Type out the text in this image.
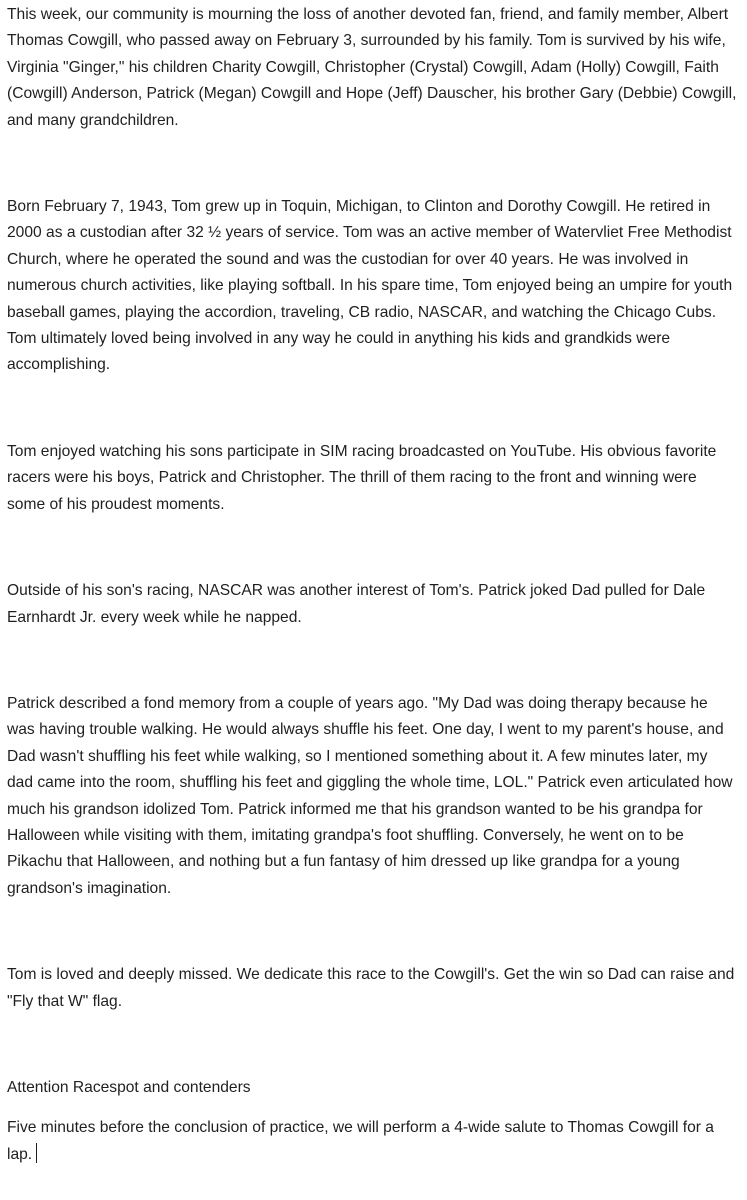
This week, our community is mourning the loss of another devoted fan, friend, and family member, Albert Thomas Cowgill, who passed away on February 3, surrounded by his family. Tom is survived by his wife, Virginia "Ginger," his children Charity Cowgill, Christopher (Crystal) Cowgill, Adam (Holly) Cowgill, Faith (Cowgill) Anderson, Patrick (Megan) Cowgill and Hope (Jeff) Dauscher, his brother Gary (Debbie) Cowgill, and many grandchildren.

Born February 7, 1943, Tom grew up in Toquin, Michigan, to Clinton and Dorothy Cowgill. He retired in 2000 as a custodian after 32 ½ years of service. Tom was an active member of Watervliet Free Methodist Church, where he operated the sound and was the custodian for over 40 years. He was involved in numerous church activities, like playing softball. In his spare time, Tom enjoyed being an umpire for youth baseball games, playing the accordion, traveling, CB radio, NASCAR, and watching the Chicago Cubs. Tom ultimately loved being involved in any way he could in anything his kids and grandkids were accomplishing.

Tom enjoyed watching his sons participate in SIM racing broadcasted on YouTube. His obvious favorite racers were his boys, Patrick and Christopher. The thrill of them racing to the front and winning were some of his proudest moments.

Outside of his son's racing, NASCAR was another interest of Tom's. Patrick joked Dad pulled for Dale Earnhardt Jr. every week while he napped.

Patrick described a fond memory from a couple of years ago. "My Dad was doing therapy because he was having trouble walking. He would always shuffle his feet. One day, I went to my parent's house, and Dad wasn't shuffling his feet while walking, so I mentioned something about it. A few minutes later, my dad came into the room, shuffling his feet and giggling the whole time, LOL." Patrick even articulated how much his grandson idolized Tom. Patrick informed me that his grandson wanted to be his grandpa for Halloween while visiting with them, imitating grandpa's foot shuffling. Conversely, he went on to be Pikachu that Halloween, and nothing but a fun fantasy of him dressed up like grandpa for a young grandson's imagination.

Tom is loved and deeply missed. We dedicate this race to the Cowgill's. Get the win so Dad can raise and "Fly that W" flag.

Attention Racespot and contenders

Five minutes before the conclusion of practice, we will perform a 4-wide salute to Thomas Cowgill for a lap.
